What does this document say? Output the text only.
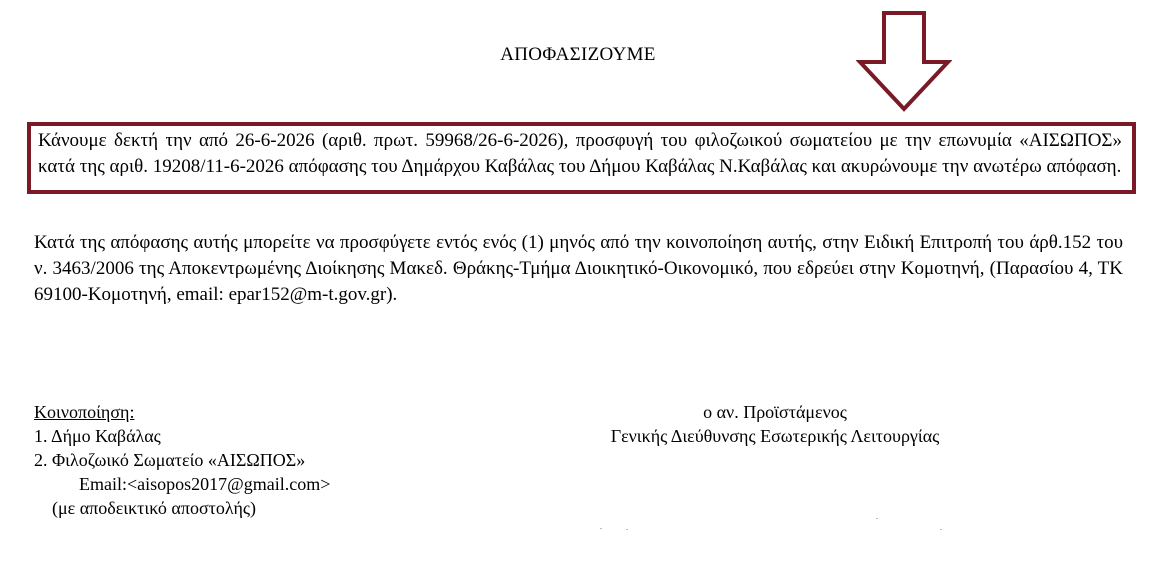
ΑΠΟΦΑΣΙΖΟΥΜΕ
Κάνουμε δεκτή την από 26-6-2026 (αριθ. πρωτ. 59968/26-6-2026), προσφυγή του φιλοζωικού σωματείου με την επωνυμία «ΑΙΣΩΠΟΣ» κατά της αριθ. 19208/11-6-2026 απόφασης του Δημάρχου Καβάλας του Δήμου Καβάλας Ν.Καβάλας και ακυρώνουμε την ανωτέρω απόφαση.
Κατά της απόφασης αυτής μπορείτε να προσφύγετε εντός ενός (1) μηνός από την κοινοποίηση αυτής, στην Ειδική Επιτροπή του άρθ.152 του ν. 3463/2006 της Αποκεντρωμένης Διοίκησης Μακεδ. Θράκης-Τμήμα Διοικητικό-Οικονομικό, που εδρεύει στην Κομοτηνή, (Παρασίου 4, ΤΚ 69100-Κομοτηνή, email: epar152@m-t.gov.gr).
Κοινοποίηση:
1. Δήμο Καβάλας
2. Φιλοζωικό Σωματείο «ΑΙΣΩΠΟΣ»
Email:<aisopos2017@gmail.com>
(με αποδεικτικό αποστολής)
ο αν. Προϊστάμενος
Γενικής Διεύθυνσης Εσωτερικής Λειτουργίας
